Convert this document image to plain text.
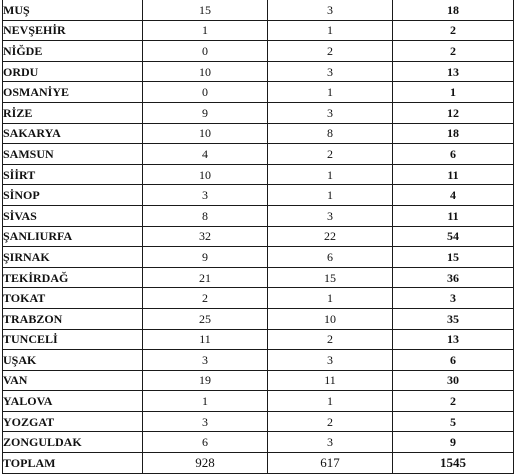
MUŞ	15	3	18
NEVŞEHİR	1	1	2
NİĞDE	0	2	2
ORDU	10	3	13
OSMANİYE	0	1	1
RİZE	9	3	12
SAKARYA	10	8	18
SAMSUN	4	2	6
SİİRT	10	1	11
SİNOP	3	1	4
SİVAS	8	3	11
ŞANLIURFA	32	22	54
ŞIRNAK	9	6	15
TEKİRDAĞ	21	15	36
TOKAT	2	1	3
TRABZON	25	10	35
TUNCELİ	11	2	13
UŞAK	3	3	6
VAN	19	11	30
YALOVA	1	1	2
YOZGAT	3	2	5
ZONGULDAK	6	3	9
TOPLAM	928	617	1545
